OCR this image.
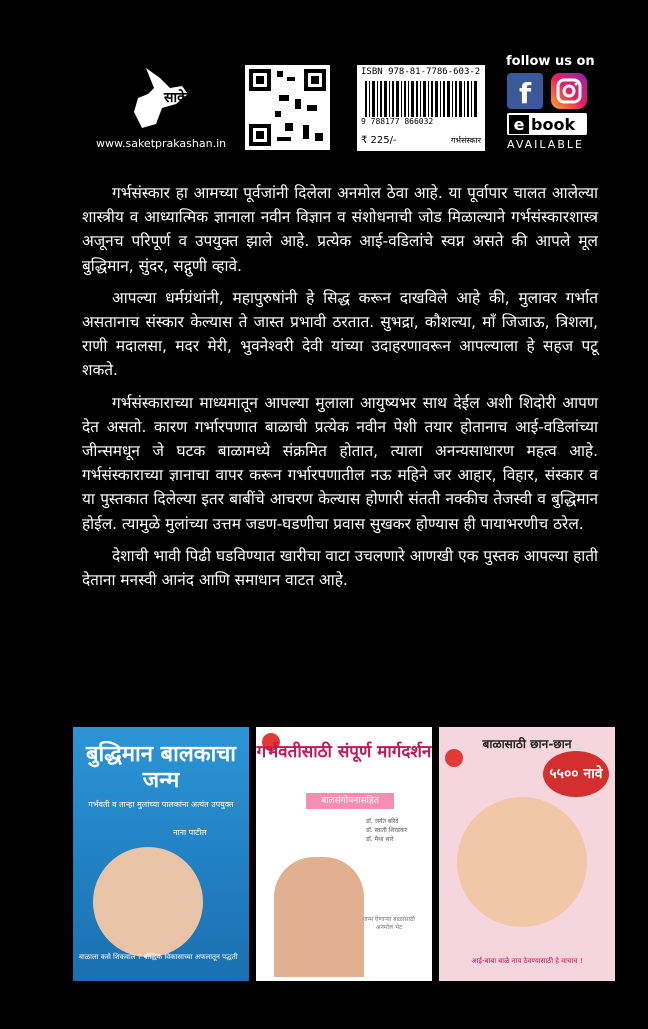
साकेत
www.saketprakashan.in
ISBN 978-81-7786-603-2
9 788177 866032
₹ 225/-	गर्भसंस्कार
follow us on
f
e book
AVAILABLE

गर्भसंस्कार हा आमच्या पूर्वजांनी दिलेला अनमोल ठेवा आहे. या पूर्वापार चालत आलेल्या शास्त्रीय व आध्यात्मिक ज्ञानाला नवीन विज्ञान व संशोधनाची जोड मिळाल्याने गर्भसंस्कारशास्त्र अजूनच परिपूर्ण व उपयुक्त झाले आहे. प्रत्येक आई-वडिलांचे स्वप्न असते की आपले मूल बुद्धिमान, सुंदर, सद्गुणी व्हावे.

आपल्या धर्मग्रंथांनी, महापुरुषांनी हे सिद्ध करून दाखविले आहे की, मुलावर गर्भात असतानाच संस्कार केल्यास ते जास्त प्रभावी ठरतात. सुभद्रा, कौशल्या, माँ जिजाऊ, त्रिशला, राणी मदालसा, मदर मेरी, भुवनेश्वरी देवी यांच्या उदाहरणावरून आपल्याला हे सहज पटू शकते.

गर्भसंस्काराच्या माध्यमातून आपल्या मुलाला आयुष्यभर साथ देईल अशी शिदोरी आपण देत असतो. कारण गर्भारपणात बाळाची प्रत्येक नवीन पेशी तयार होतानाच आई-वडिलांच्या जीन्समधून जे घटक बाळामध्ये संक्रमित होतात, त्याला अनन्यसाधारण महत्व आहे. गर्भसंस्काराच्या ज्ञानाचा वापर करून गर्भारपणातील नऊ महिने जर आहार, विहार, संस्कार व या पुस्तकात दिलेल्या इतर बाबींचे आचरण केल्यास होणारी संतती नक्कीच तेजस्वी व बुद्धिमान होईल. त्यामुळे मुलांच्या उत्तम जडण-घडणीचा प्रवास सुखकर होण्यास ही पायाभरणीच ठरेल.

देशाची भावी पिढी घडविण्यात खारीचा वाटा उचलणारे आणखी एक पुस्तक आपल्या हाती देताना मनस्वी आनंद आणि समाधान वाटत आहे.

बुद्धिमान बालकाचा जन्म
गर्भवती व तान्हा मुलांच्या पालकांना अत्यंत उपयुक्त
नाना पाटील
बाळाला कसे शिकवाल ? बौद्धिक विकासाच्या अफलातून पद्धती
गर्भवतीसाठी संपूर्ण मार्गदर्शन
बालसंगोपनासहित
डॉ. जयंत बरिदे
डॉ. स्वाती शिरडकर
डॉ. मैथा सारे
जन्म घेणाऱ्या बाळासाठी अनमोल भेट
बाळासाठी छान-छान
५५०० नावे
आई-बाबा बाळे नाव ठेवण्यासाठी हे वाचाच !
